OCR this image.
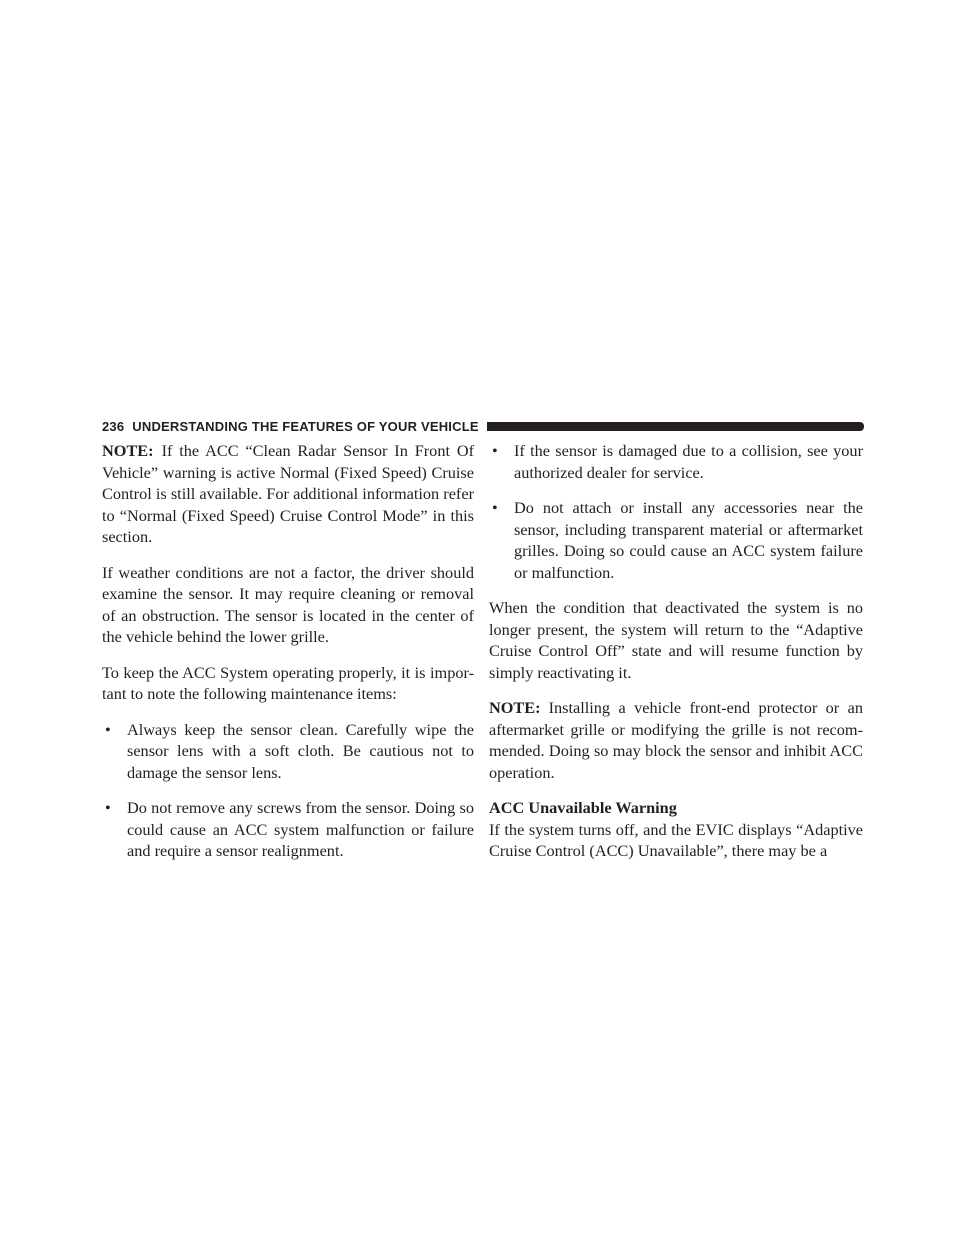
236 UNDERSTANDING THE FEATURES OF YOUR VEHICLE

NOTE: If the ACC “Clean Radar Sensor In Front Of Vehicle” warning is active Normal (Fixed Speed) Cruise Control is still available. For additional information refer to “Normal (Fixed Speed) Cruise Control Mode” in this section.

If weather conditions are not a factor, the driver should examine the sensor. It may require cleaning or removal of an obstruction. The sensor is located in the center of the vehicle behind the lower grille.

To keep the ACC System operating properly, it is impor-tant to note the following maintenance items:

• Always keep the sensor clean. Carefully wipe the sensor lens with a soft cloth. Be cautious not to damage the sensor lens.
• Do not remove any screws from the sensor. Doing so could cause an ACC system malfunction or failure and require a sensor realignment.
• If the sensor is damaged due to a collision, see your authorized dealer for service.
• Do not attach or install any accessories near the sensor, including transparent material or aftermarket grilles. Doing so could cause an ACC system failure or malfunction.

When the condition that deactivated the system is no longer present, the system will return to the “Adaptive Cruise Control Off” state and will resume function by simply reactivating it.

NOTE: Installing a vehicle front-end protector or an aftermarket grille or modifying the grille is not recom-mended. Doing so may block the sensor and inhibit ACC operation.

ACC Unavailable Warning

If the system turns off, and the EVIC displays “Adaptive Cruise Control (ACC) Unavailable”, there may be a
